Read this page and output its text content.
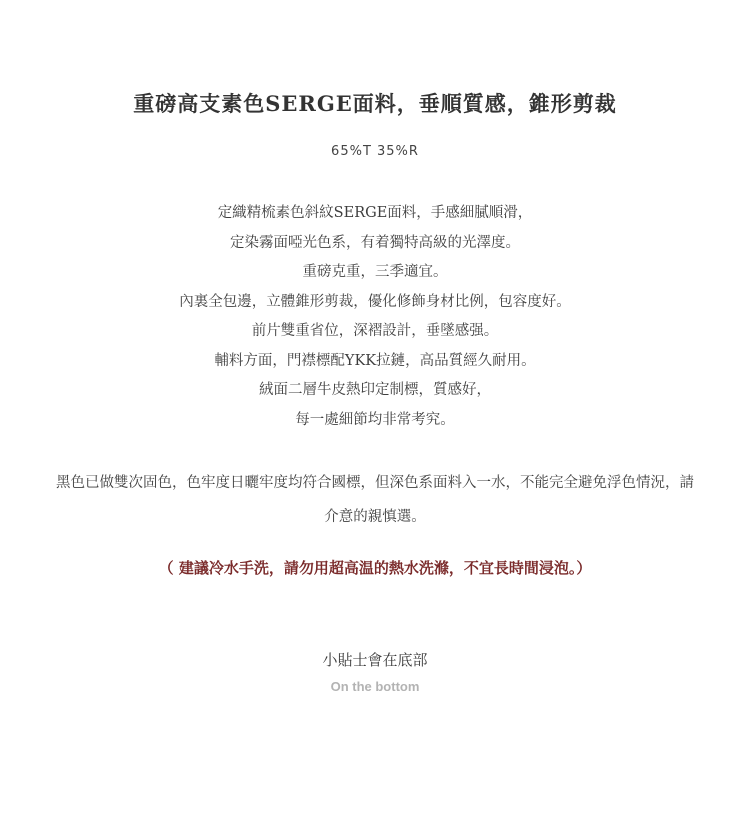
重磅高支素色SERGE面料，垂順質感，錐形剪裁
65%T 35%R
定織精梳素色斜紋SERGE面料，手感細膩順滑，
定染霧面啞光色系，有着獨特高級的光澤度。
重磅克重，三季適宜。
內裏全包邊，立體錐形剪裁，優化修飾身材比例，包容度好。
前片雙重省位，深褶設計，垂墜感强。
輔料方面，門襟標配YKK拉鏈，高品質經久耐用。
絨面二層牛皮熱印定制標，質感好，
每一處細節均非常考究。
黑色已做雙次固色，色牢度日曬牢度均符合國標，但深色系面料入一水，不能完全避免浮色情況，請介意的親慎選。
（ 建議冷水手洗，請勿用超高温的熱水洗滌，不宜長時間浸泡。）
小貼士會在底部
On the bottom
